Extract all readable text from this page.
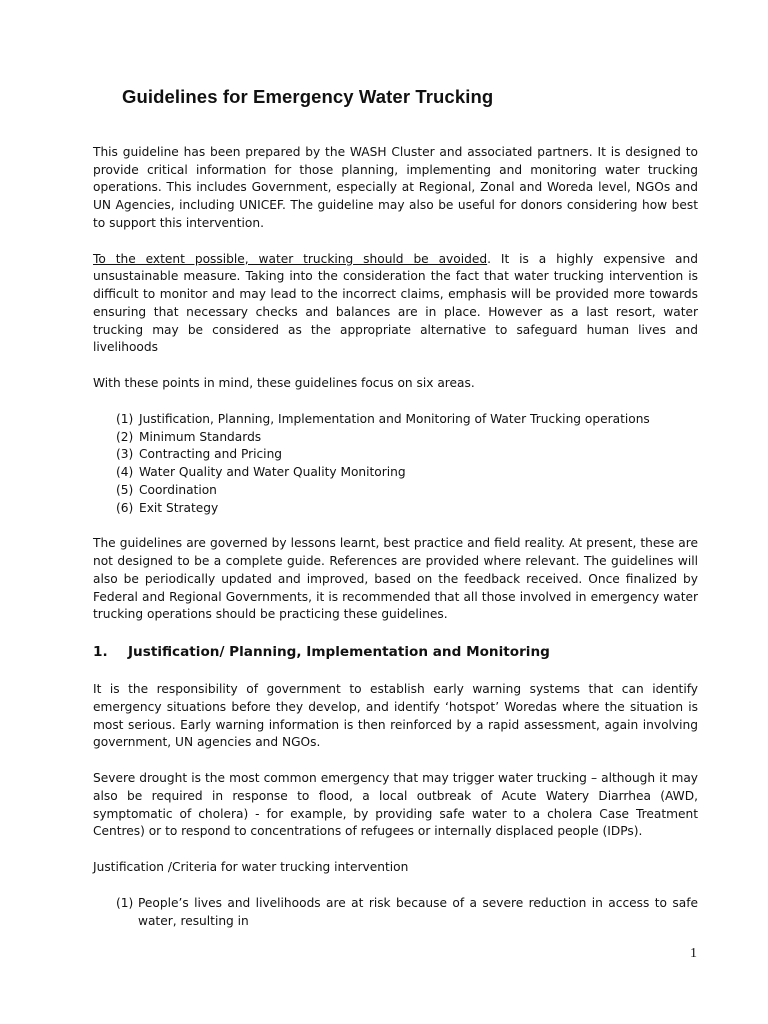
Guidelines for Emergency Water Trucking

This guideline has been prepared by the WASH Cluster and associated partners. It is designed to provide critical information for those planning, implementing and monitoring water trucking operations. This includes Government, especially at Regional, Zonal and Woreda level, NGOs and UN Agencies, including UNICEF. The guideline may also be useful for donors considering how best to support this intervention.

To the extent possible, water trucking should be avoided. It is a highly expensive and unsustainable measure. Taking into the consideration the fact that water trucking intervention is difficult to monitor and may lead to the incorrect claims, emphasis will be provided more towards ensuring that necessary checks and balances are in place. However as a last resort, water trucking may be considered as the appropriate alternative to safeguard human lives and livelihoods

With these points in mind, these guidelines focus on six areas.

(1) Justification, Planning, Implementation and Monitoring of Water Trucking operations
(2) Minimum Standards
(3) Contracting and Pricing
(4) Water Quality and Water Quality Monitoring
(5) Coordination
(6) Exit Strategy

The guidelines are governed by lessons learnt, best practice and field reality. At present, these are not designed to be a complete guide. References are provided where relevant. The guidelines will also be periodically updated and improved, based on the feedback received. Once finalized by Federal and Regional Governments, it is recommended that all those involved in emergency water trucking operations should be practicing these guidelines.

1.	Justification/ Planning, Implementation and Monitoring

It is the responsibility of government to establish early warning systems that can identify emergency situations before they develop, and identify ‘hotspot’ Woredas where the situation is most serious. Early warning information is then reinforced by a rapid assessment, again involving government, UN agencies and NGOs.

Severe drought is the most common emergency that may trigger water trucking – although it may also be required in response to flood, a local outbreak of Acute Watery Diarrhea (AWD, symptomatic of cholera) - for example, by providing safe water to a cholera Case Treatment Centres) or to respond to concentrations of refugees or internally displaced people (IDPs).

Justification /Criteria for water trucking intervention
(1) People’s lives and livelihoods are at risk because of a severe reduction in access to safe water, resulting in
1
